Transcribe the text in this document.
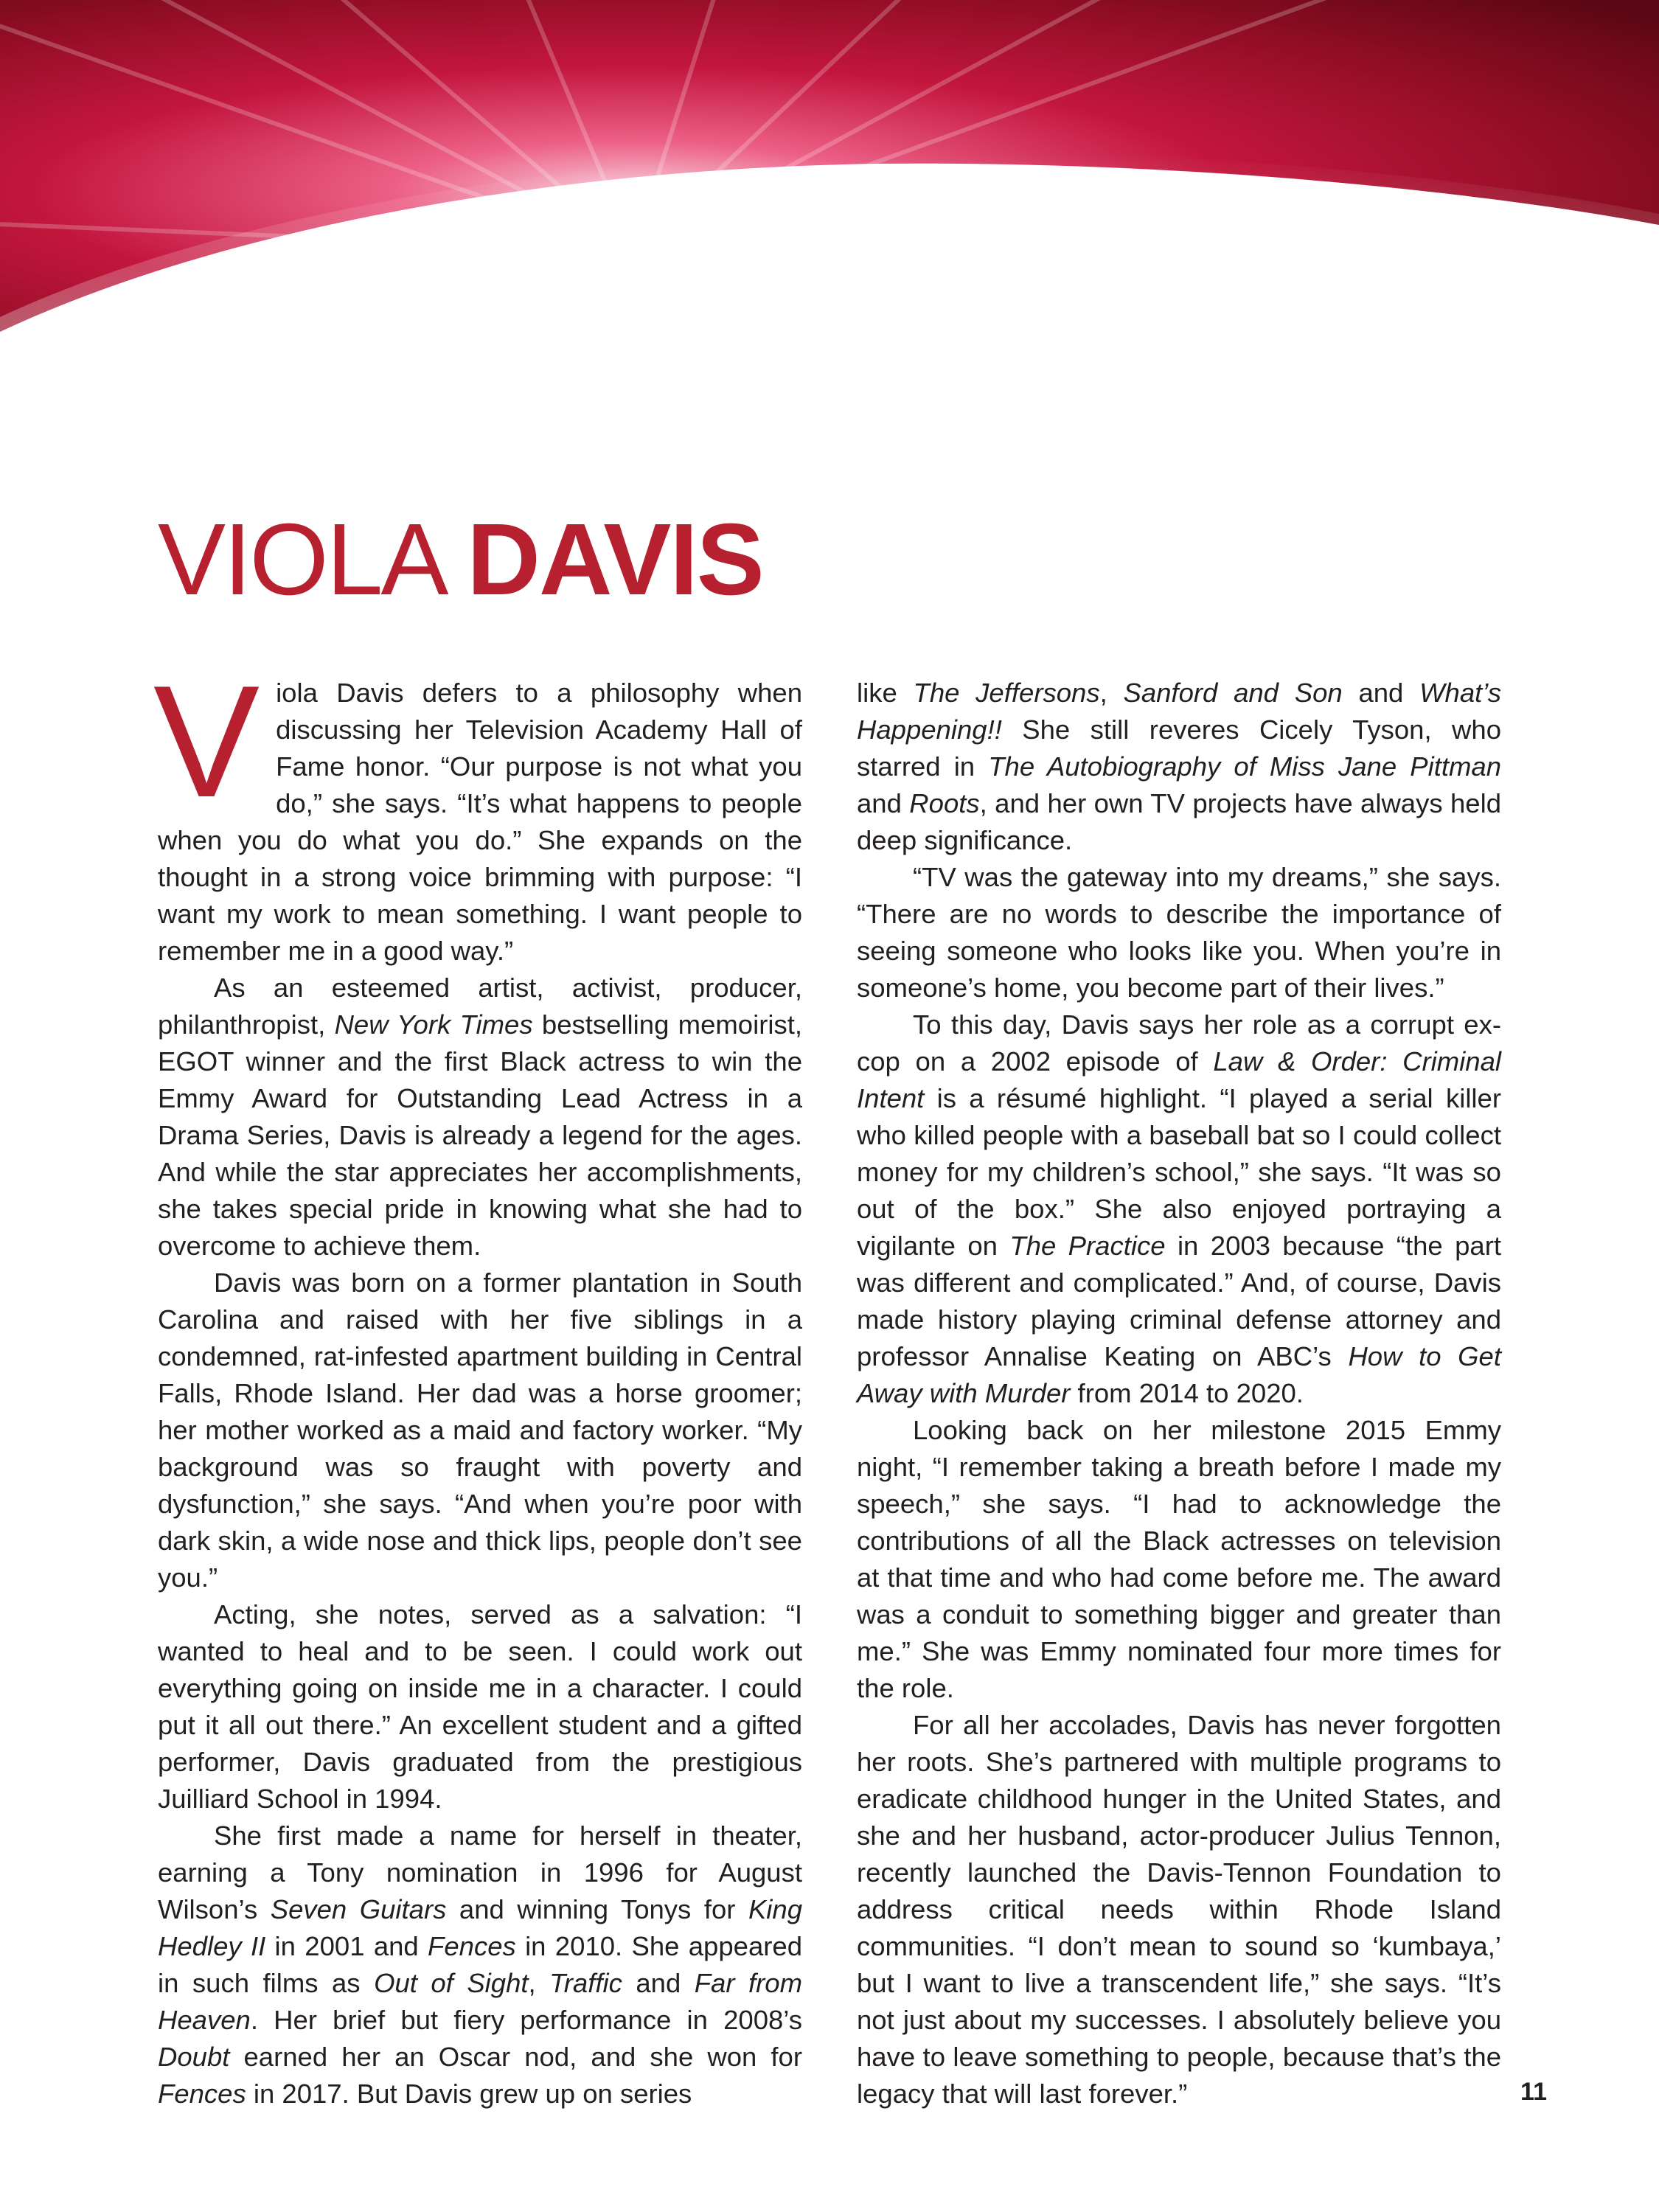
VIOLA DAVIS

Viola Davis defers to a philosophy when discussing her Television Academy Hall of Fame honor. “Our purpose is not what you do,” she says. “It’s what happens to people when you do what you do.” She expands on the thought in a strong voice brimming with purpose: “I want my work to mean something. I want people to remember me in a good way.”

As an esteemed artist, activist, producer, philanthropist, New York Times bestselling memoirist, EGOT winner and the first Black actress to win the Emmy Award for Outstanding Lead Actress in a Drama Series, Davis is already a legend for the ages. And while the star appreciates her accomplishments, she takes special pride in knowing what she had to overcome to achieve them.

Davis was born on a former plantation in South Carolina and raised with her five siblings in a condemned, rat-infested apartment building in Central Falls, Rhode Island. Her dad was a horse groomer; her mother worked as a maid and factory worker. “My background was so fraught with poverty and dysfunction,” she says. “And when you’re poor with dark skin, a wide nose and thick lips, people don’t see you.”

Acting, she notes, served as a salvation: “I wanted to heal and to be seen. I could work out everything going on inside me in a character. I could put it all out there.” An excellent student and a gifted performer, Davis graduated from the prestigious Juilliard School in 1994.

She first made a name for herself in theater, earning a Tony nomination in 1996 for August Wilson’s Seven Guitars and winning Tonys for King Hedley II in 2001 and Fences in 2010. She appeared in such films as Out of Sight, Traffic and Far from Heaven. Her brief but fiery performance in 2008’s Doubt earned her an Oscar nod, and she won for Fences in 2017. But Davis grew up on series

like The Jeffersons, Sanford and Son and What’s Happening!! She still reveres Cicely Tyson, who starred in The Autobiography of Miss Jane Pittman and Roots, and her own TV projects have always held deep significance.

“TV was the gateway into my dreams,” she says. “There are no words to describe the importance of seeing someone who looks like you. When you’re in someone’s home, you become part of their lives.”

To this day, Davis says her role as a corrupt ex-cop on a 2002 episode of Law & Order: Criminal Intent is a résumé highlight. “I played a serial killer who killed people with a baseball bat so I could collect money for my children’s school,” she says. “It was so out of the box.” She also enjoyed portraying a vigilante on The Practice in 2003 because “the part was different and complicated.” And, of course, Davis made history playing criminal defense attorney and professor Annalise Keating on ABC’s How to Get Away with Murder from 2014 to 2020.

Looking back on her milestone 2015 Emmy night, “I remember taking a breath before I made my speech,” she says. “I had to acknowledge the contributions of all the Black actresses on television at that time and who had come before me. The award was a conduit to something bigger and greater than me.” She was Emmy nominated four more times for the role.

For all her accolades, Davis has never forgotten her roots. She’s partnered with multiple programs to eradicate childhood hunger in the United States, and she and her husband, actor-producer Julius Tennon, recently launched the Davis-Tennon Foundation to address critical needs within Rhode Island communities. “I don’t mean to sound so ‘kumbaya,’ but I want to live a transcendent life,” she says. “It’s not just about my successes. I absolutely believe you have to leave something to people, because that’s the legacy that will last forever.”	11
